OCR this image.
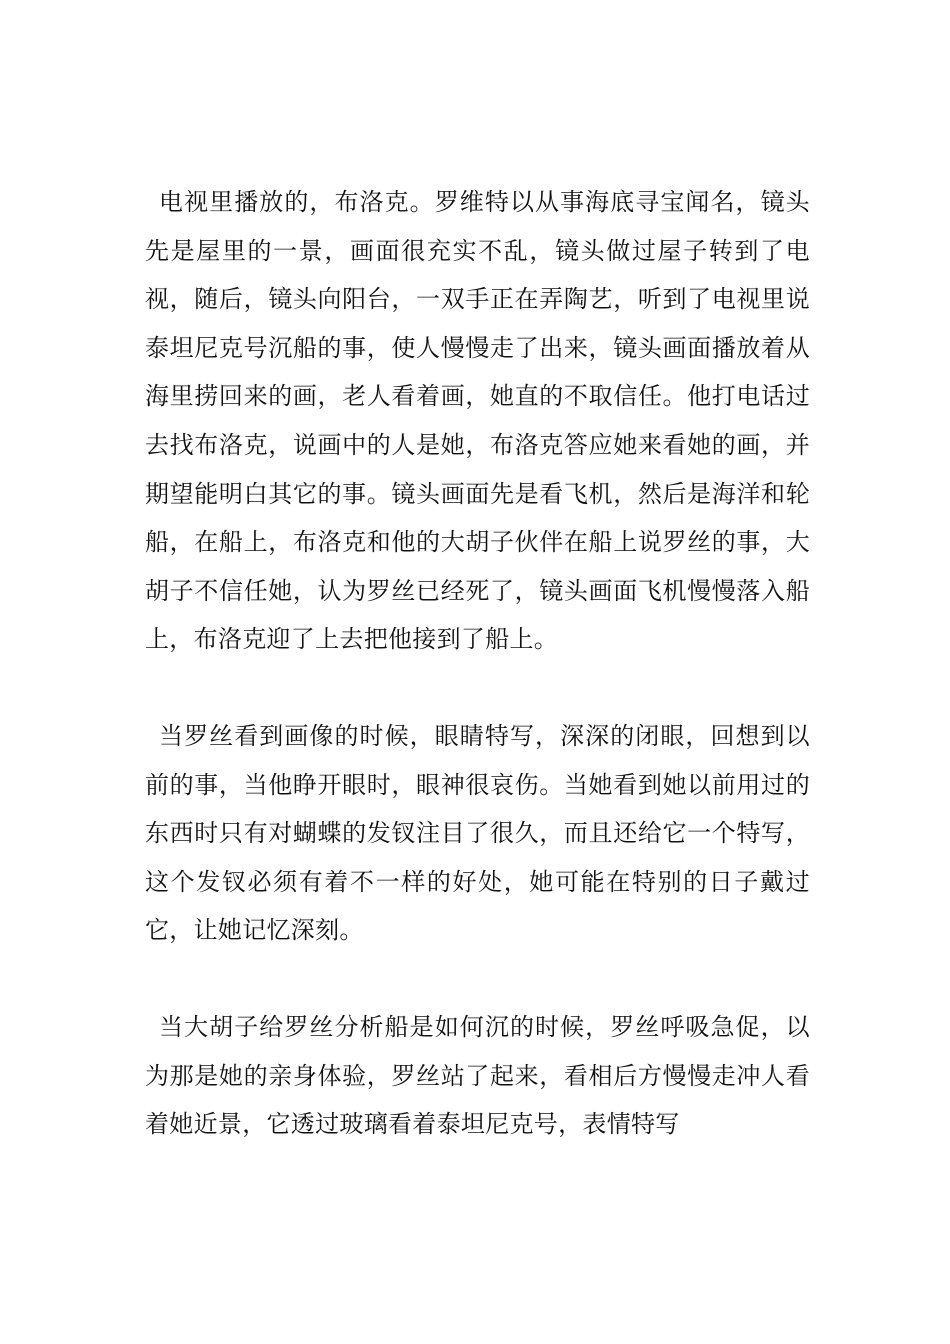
电视里播放的，布洛克。罗维特以从事海底寻宝闻名，镜头先是屋里的一景，画面很充实不乱，镜头做过屋子转到了电视，随后，镜头向阳台，一双手正在弄陶艺，听到了电视里说泰坦尼克号沉船的事，使人慢慢走了出来，镜头画面播放着从海里捞回来的画，老人看着画，她直的不取信任。他打电话过去找布洛克，说画中的人是她，布洛克答应她来看她的画，并期望能明白其它的事。镜头画面先是看飞机，然后是海洋和轮船，在船上，布洛克和他的大胡子伙伴在船上说罗丝的事，大胡子不信任她，认为罗丝已经死了，镜头画面飞机慢慢落入船上，布洛克迎了上去把他接到了船上。

当罗丝看到画像的时候，眼睛特写，深深的闭眼，回想到以前的事，当他睁开眼时，眼神很哀伤。当她看到她以前用过的东西时只有对蝴蝶的发钗注目了很久，而且还给它一个特写，这个发钗必须有着不一样的好处，她可能在特别的日子戴过它，让她记忆深刻。

当大胡子给罗丝分析船是如何沉的时候，罗丝呼吸急促，以为那是她的亲身体验，罗丝站了起来，看相后方慢慢走冲人看着她近景，它透过玻璃看着泰坦尼克号，表情特写
